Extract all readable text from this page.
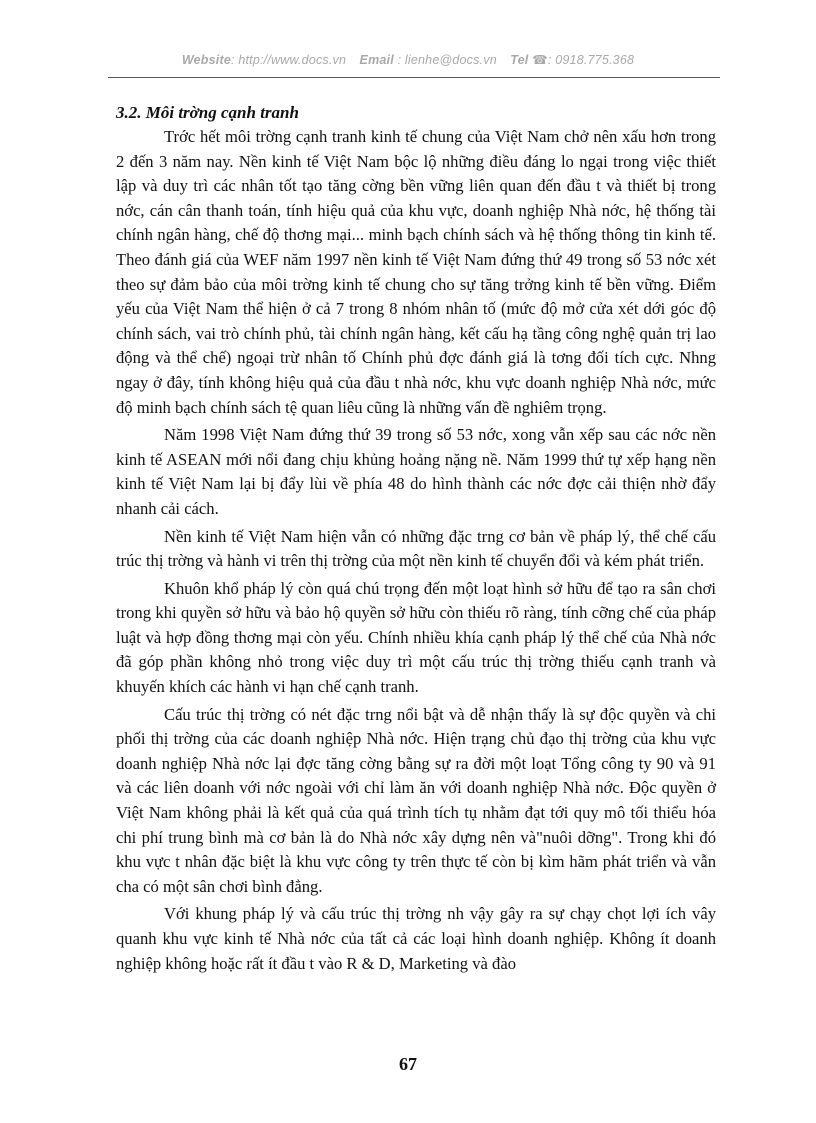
Website: http://www.docs.vn Email : lienhe@docs.vn Tel ☎: 0918.775.368

3.2. Môi trờng cạnh tranh

Trớc hết môi trờng cạnh tranh kinh tế chung của Việt Nam chở nên xấu hơn trong 2 đến 3 năm nay. Nền kinh tế Việt Nam bộc lộ những điều đáng lo ngại trong việc thiết lập và duy trì các nhân tốt tạo tăng cờng bền vững liên quan đến đầu t và thiết bị trong nớc, cán cân thanh toán, tính hiệu quả của khu vực, doanh nghiệp Nhà nớc, hệ thống tài chính ngân hàng, chế độ thơng mại... minh bạch chính sách và hệ thống thông tin kinh tế. Theo đánh giá của WEF năm 1997 nền kinh tế Việt Nam đứng thứ 49 trong số 53 nớc xét theo sự đảm bảo của môi trờng kinh tế chung cho sự tăng trởng kinh tế bền vững. Điểm yếu của Việt Nam thể hiện ở cả 7 trong 8 nhóm nhân tố (mức độ mở cửa xét dới góc độ chính sách, vai trò chính phủ, tài chính ngân hàng, kết cấu hạ tầng công nghệ quản trị lao động và thể chế) ngoại trừ nhân tố Chính phủ đợc đánh giá là tơng đối tích cực. Nhng ngay ở đây, tính không hiệu quả của đầu t nhà nớc, khu vực doanh nghiệp Nhà nớc, mức độ minh bạch chính sách tệ quan liêu cũng là những vấn đề nghiêm trọng.

Năm 1998 Việt Nam đứng thứ 39 trong số 53 nớc, xong vẫn xếp sau các nớc nền kinh tế ASEAN mới nổi đang chịu khủng hoảng nặng nề. Năm 1999 thứ tự xếp hạng nền kinh tế Việt Nam lại bị đẩy lùi về phía 48 do hình thành các nớc đợc cải thiện nhờ đẩy nhanh cải cách.

Nền kinh tế Việt Nam hiện vẫn có những đặc trng cơ bản về pháp lý, thể chế cấu trúc thị trờng và hành vi trên thị trờng của một nền kinh tế chuyển đổi và kém phát triển.

Khuôn khổ pháp lý còn quá chú trọng đến một loạt hình sở hữu để tạo ra sân chơi trong khi quyền sở hữu và bảo hộ quyền sở hữu còn thiếu rõ ràng, tính cỡng chế của pháp luật và hợp đồng thơng mại còn yếu. Chính nhiều khía cạnh pháp lý thể chế của Nhà nớc đã góp phần không nhỏ trong việc duy trì một cấu trúc thị trờng thiếu cạnh tranh và khuyến khích các hành vi hạn chế cạnh tranh.

Cấu trúc thị trờng có nét đặc trng nổi bật và dễ nhận thấy là sự độc quyền và chi phối thị trờng của các doanh nghiệp Nhà nớc. Hiện trạng chủ đạo thị trờng của khu vực doanh nghiệp Nhà nớc lại đợc tăng cờng bằng sự ra đời một loạt Tổng công ty 90 và 91 và các liên doanh với nớc ngoài với chỉ làm ăn với doanh nghiệp Nhà nớc. Độc quyền ở Việt Nam không phải là kết quả của quá trình tích tụ nhằm đạt tới quy mô tối thiểu hóa chi phí trung bình mà cơ bản là do Nhà nớc xây dựng nên và"nuôi dỡng". Trong khi đó khu vực t nhân đặc biệt là khu vực công ty trên thực tế còn bị kìm hãm phát triển và vẫn cha có một sân chơi bình đẳng.

Với khung pháp lý và cấu trúc thị trờng nh vậy gây ra sự chạy chọt lợi ích vây quanh khu vực kinh tế Nhà nớc của tất cả các loại hình doanh nghiệp. Không ít doanh nghiệp không hoặc rất ít đầu t vào R & D, Marketing và đào

67
